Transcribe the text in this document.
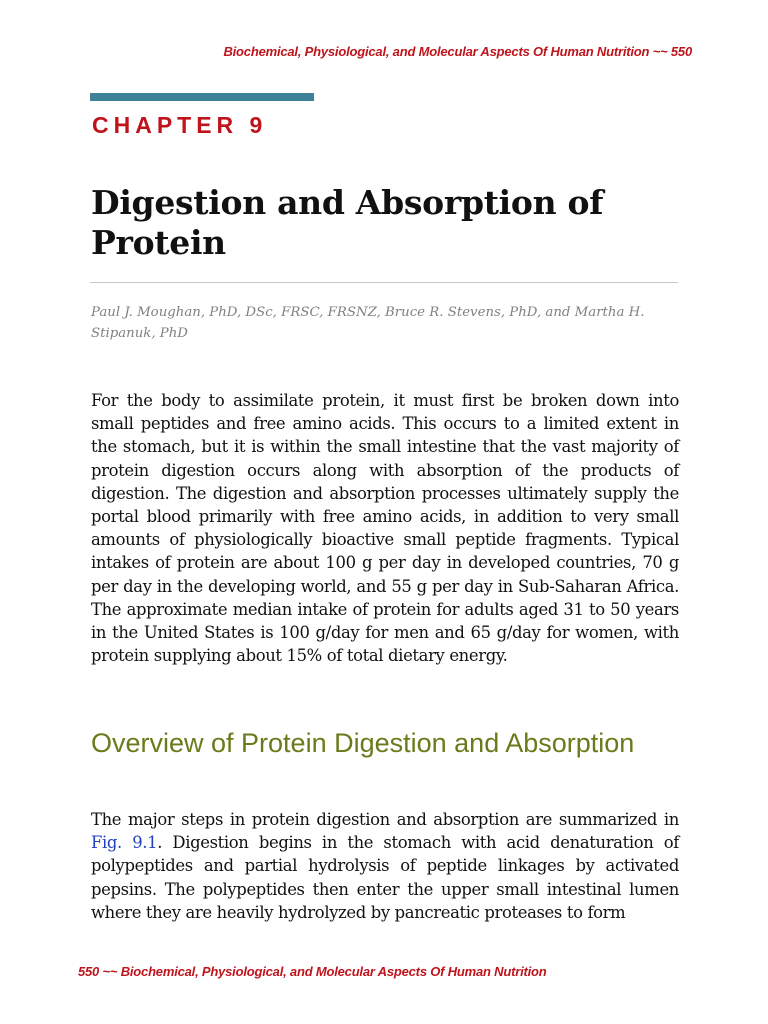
Biochemical, Physiological, and Molecular Aspects Of Human Nutrition ~~ 550
CHAPTER 9
Digestion and Absorption of Protein
Paul J. Moughan, PhD, DSc, FRSC, FRSNZ, Bruce R. Stevens, PhD, and Martha H. Stipanuk, PhD

For the body to assimilate protein, it must first be broken down into small peptides and free amino acids. This occurs to a limited extent in the stomach, but it is within the small intestine that the vast majority of protein digestion occurs along with absorption of the products of digestion. The digestion and absorption processes ultimately supply the portal blood primarily with free amino acids, in addition to very small amounts of physiologically bioactive small peptide fragments. Typical intakes of protein are about 100 g per day in developed countries, 70 g per day in the developing world, and 55 g per day in Sub-Saharan Africa. The approximate median intake of protein for adults aged 31 to 50 years in the United States is 100 g/day for men and 65 g/day for women, with protein supplying about 15% of total dietary energy.

Overview of Protein Digestion and Absorption

The major steps in protein digestion and absorption are summarized in Fig. 9.1. Digestion begins in the stomach with acid denaturation of polypeptides and partial hydrolysis of peptide linkages by activated pepsins. The polypeptides then enter the upper small intestinal lumen where they are heavily hydrolyzed by pancreatic proteases to form

550 ~~ Biochemical, Physiological, and Molecular Aspects Of Human Nutrition
